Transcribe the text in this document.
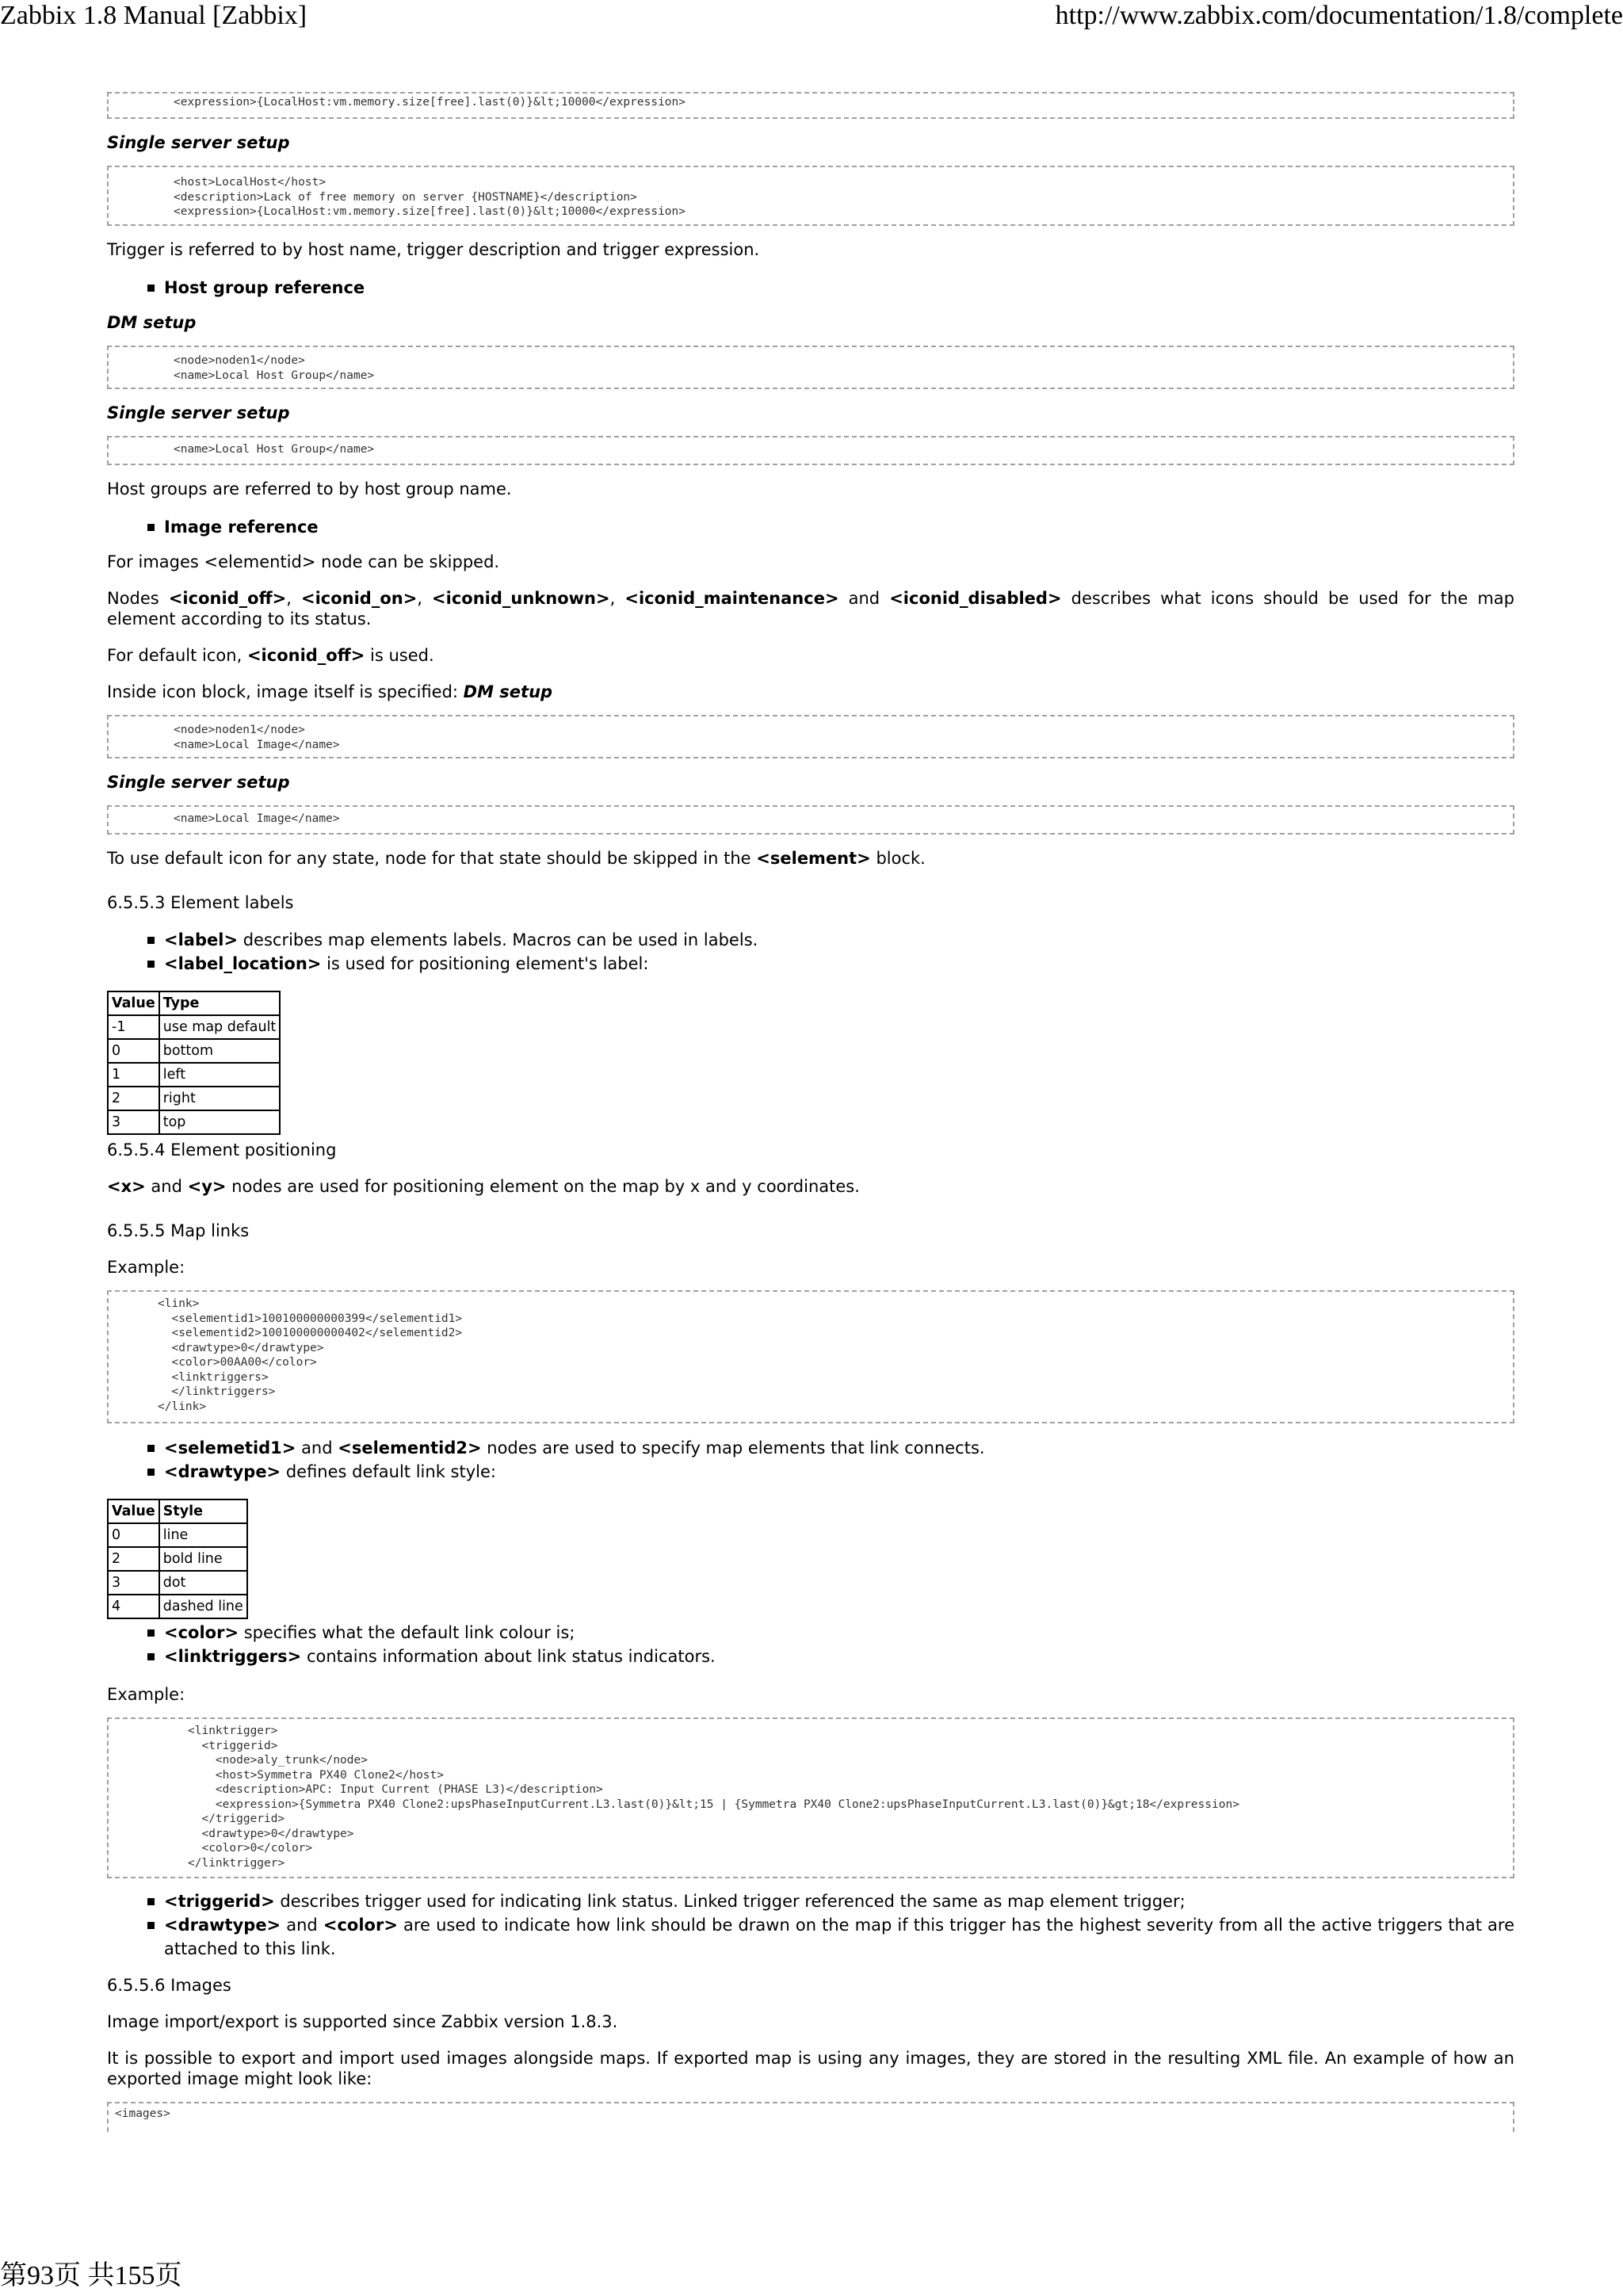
Zabbix 1.8 Manual [Zabbix]	http://www.zabbix.com/documentation/1.8/complete
<expression>{LocalHost:vm.memory.size[free].last(0)}&lt;10000</expression>

Single server setup

<host>LocalHost</host>
<description>Lack of free memory on server {HOSTNAME}</description>
<expression>{LocalHost:vm.memory.size[free].last(0)}&lt;10000</expression>

Trigger is referred to by host name, trigger description and trigger expression.

Host group reference

DM setup

<node>noden1</node>
<name>Local Host Group</name>

Single server setup

<name>Local Host Group</name>

Host groups are referred to by host group name.

Image reference

For images <elementid> node can be skipped.

Nodes <iconid_off>, <iconid_on>, <iconid_unknown>, <iconid_maintenance> and <iconid_disabled> describes what icons should be used for the map element according to its status.

For default icon, <iconid_off> is used.

Inside icon block, image itself is specified: DM setup

<node>noden1</node>
<name>Local Image</name>

Single server setup

<name>Local Image</name>

To use default icon for any state, node for that state should be skipped in the <selement> block.

6.5.5.3 Element labels

<label> describes map elements labels. Macros can be used in labels.
<label_location> is used for positioning element's label:
Value	Type
-1	use map default
0	bottom
1	left
2	right
3	top

6.5.5.4 Element positioning

<x> and <y> nodes are used for positioning element on the map by x and y coordinates.

6.5.5.5 Map links

Example:

<link>
<selementid1>100100000000399</selementid1>
<selementid2>100100000000402</selementid2>
<drawtype>0</drawtype>
<color>00AA00</color>
<linktriggers>
</linktriggers>
</link>
<selemetid1> and <selementid2> nodes are used to specify map elements that link connects.
<drawtype> defines default link style:
Value	Style
0	line
2	bold line
3	dot
4	dashed line
<color> specifies what the default link colour is;
<linktriggers> contains information about link status indicators.

Example:

<linktrigger>
<triggerid>
<node>aly_trunk</node>
<host>Symmetra PX40 Clone2</host>
<description>APC: Input Current (PHASE L3)</description>
<expression>{Symmetra PX40 Clone2:upsPhaseInputCurrent.L3.last(0)}&lt;15 | {Symmetra PX40 Clone2:upsPhaseInputCurrent.L3.last(0)}&gt;18</expression>
</triggerid>
<drawtype>0</drawtype>
<color>0</color>
</linktrigger>
<triggerid> describes trigger used for indicating link status. Linked trigger referenced the same as map element trigger;
<drawtype> and <color> are used to indicate how link should be drawn on the map if this trigger has the highest severity from all the active triggers that are attached to this link.

6.5.5.6 Images

Image import/export is supported since Zabbix version 1.8.3.

It is possible to export and import used images alongside maps. If exported map is using any images, they are stored in the resulting XML file. An example of how an exported image might look like:

<images>
第93页 共155页
